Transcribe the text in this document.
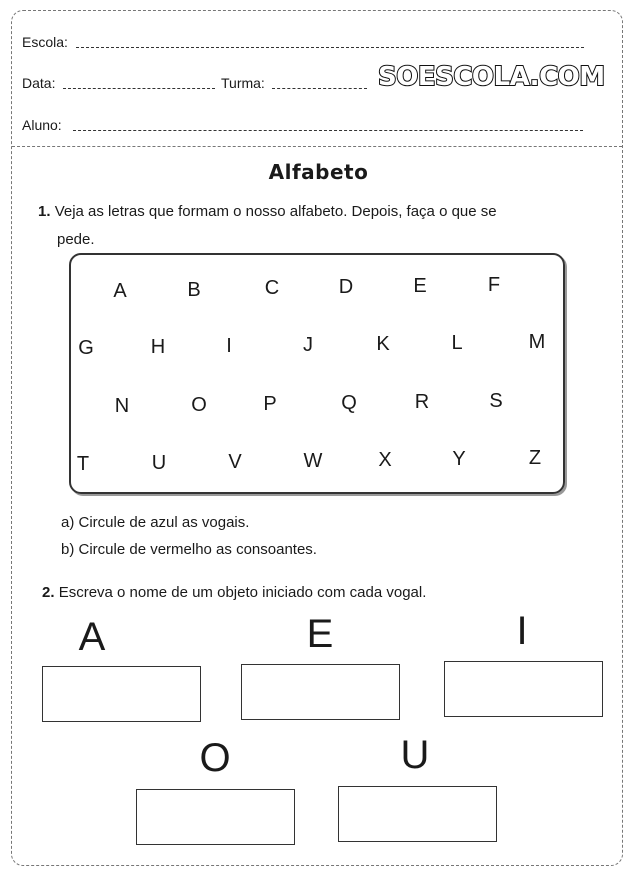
Escola:
Data:	Turma:	SOESCOLA.COM
Aluno:
Alfabeto
1. Veja as letras que formam o nosso alfabeto. Depois, faça o que se
pede.
A	B	C	D	E	F
G	H	I	J	K	L	M
N	O	P	Q	R	S
T	U	V	W	X	Y	Z
a) Circule de azul as vogais.
b) Circule de vermelho as consoantes.
2. Escreva o nome de um objeto iniciado com cada vogal.
A	E	I
O	U
